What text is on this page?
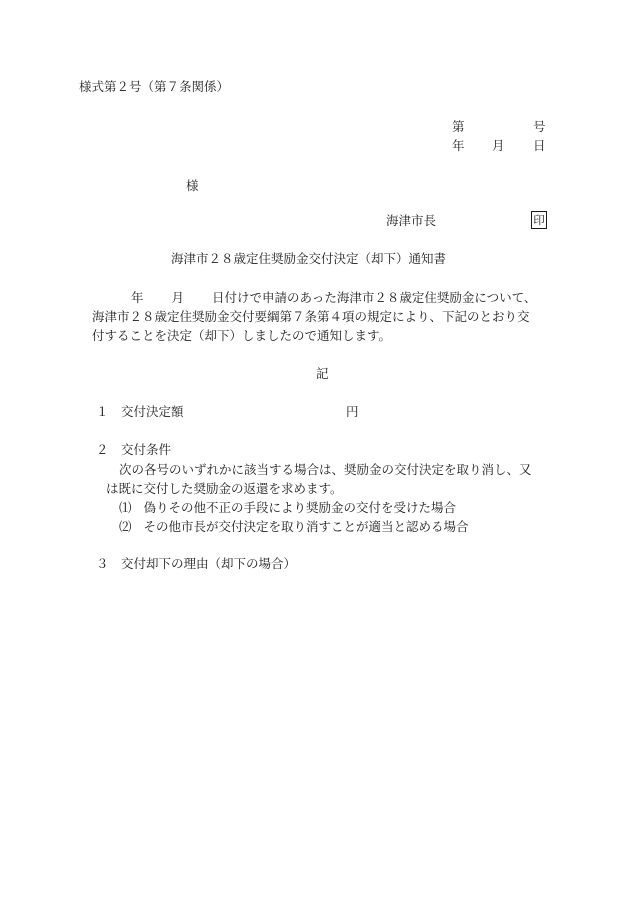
様式第２号（第７条関係）
第	号
年 月 日
様
海津市長	印
海津市２８歳定住奨励金交付決定（却下）通知書
年 月 日付けで申請のあった海津市２８歳定住奨励金について、
海津市２８歳定住奨励金交付要綱第７条第４項の規定により、下記のとおり交
付することを決定（却下）しましたので通知します。
記
１ 交付決定額	円
２ 交付条件
次の各号のいずれかに該当する場合は、奨励金の交付決定を取り消し、又
は既に交付した奨励金の返還を求めます。
⑴ 偽りその他不正の手段により奨励金の交付を受けた場合
⑵ その他市長が交付決定を取り消すことが適当と認める場合
３ 交付却下の理由（却下の場合）
